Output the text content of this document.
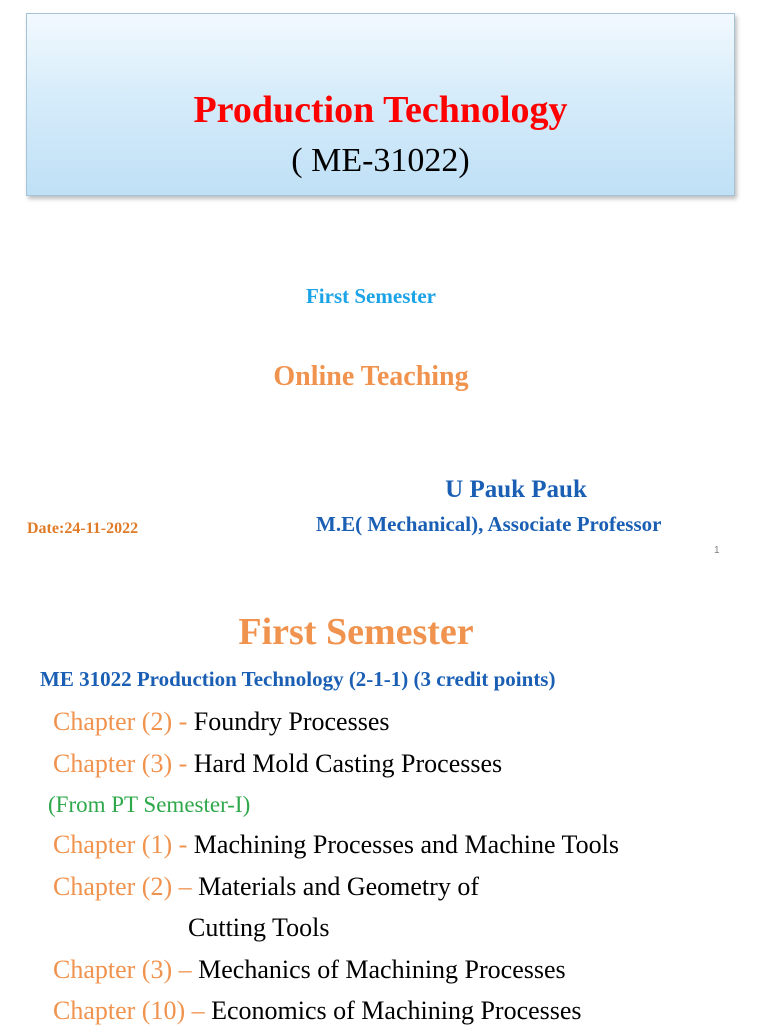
Production Technology
( ME-31022)
First Semester
Online Teaching
U Pauk Pauk
M.E( Mechanical), Associate Professor
Date:24-11-2022
1
First Semester
ME 31022 Production Technology (2-1-1) (3 credit points)
Chapter (2) - Foundry Processes
Chapter (3) - Hard Mold Casting Processes
(From PT Semester-I)
Chapter (1) - Machining Processes and Machine Tools
Chapter (2) – Materials and Geometry of
Cutting Tools
Chapter (3) – Mechanics of Machining Processes
Chapter (10) – Economics of Machining Processes
